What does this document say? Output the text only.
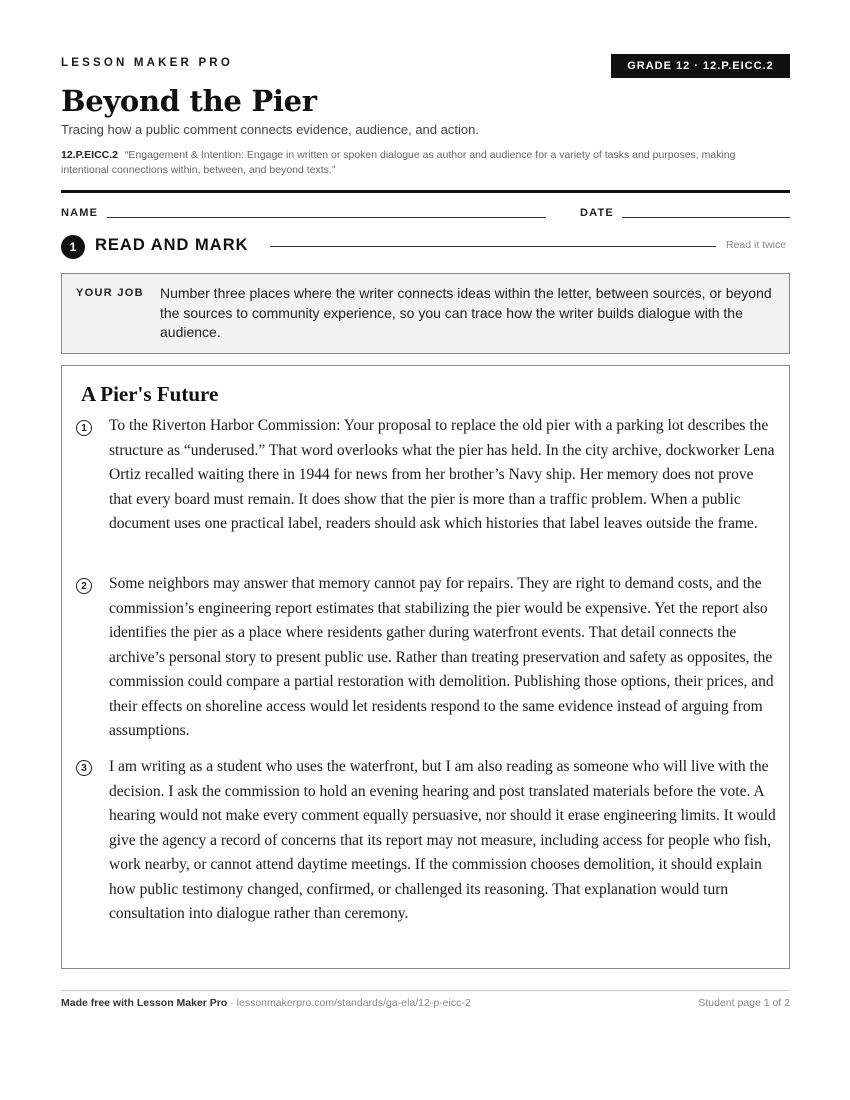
LESSON MAKER PRO	GRADE 12 · 12.P.EICC.2
Beyond the Pier
Tracing how a public comment connects evidence, audience, and action.
12.P.EICC.2 “Engagement & Intention: Engage in written or spoken dialogue as author and audience for a variety of tasks and purposes, making intentional connections within, between, and beyond texts.”
NAME	DATE
1	READ AND MARK	Read it twice
YOUR JOB Number three places where the writer connects ideas within the letter, between sources, or beyond the sources to community experience, so you can trace how the writer builds dialogue with the audience.
A Pier's Future
1	To the Riverton Harbor Commission: Your proposal to replace the old pier with a parking lot describes the structure as “underused.” That word overlooks what the pier has held. In the city archive, dockworker Lena Ortiz recalled waiting there in 1944 for news from her brother’s Navy ship. Her memory does not prove that every board must remain. It does show that the pier is more than a traffic problem. When a public document uses one practical label, readers should ask which histories that label leaves outside the frame.
2	Some neighbors may answer that memory cannot pay for repairs. They are right to demand costs, and the commission’s engineering report estimates that stabilizing the pier would be expensive. Yet the report also identifies the pier as a place where residents gather during waterfront events. That detail connects the archive’s personal story to present public use. Rather than treating preservation and safety as opposites, the commission could compare a partial restoration with demolition. Publishing those options, their prices, and their effects on shoreline access would let residents respond to the same evidence instead of arguing from assumptions.
3	I am writing as a student who uses the waterfront, but I am also reading as someone who will live with the decision. I ask the commission to hold an evening hearing and post translated materials before the vote. A hearing would not make every comment equally persuasive, nor should it erase engineering limits. It would give the agency a record of concerns that its report may not measure, including access for people who fish, work nearby, or cannot attend daytime meetings. If the commission chooses demolition, it should explain how public testimony changed, confirmed, or challenged its reasoning. That explanation would turn consultation into dialogue rather than ceremony.
Made free with Lesson Maker Pro · lessonmakerpro.com/standards/ga-ela/12-p-eicc-2	Student page 1 of 2
